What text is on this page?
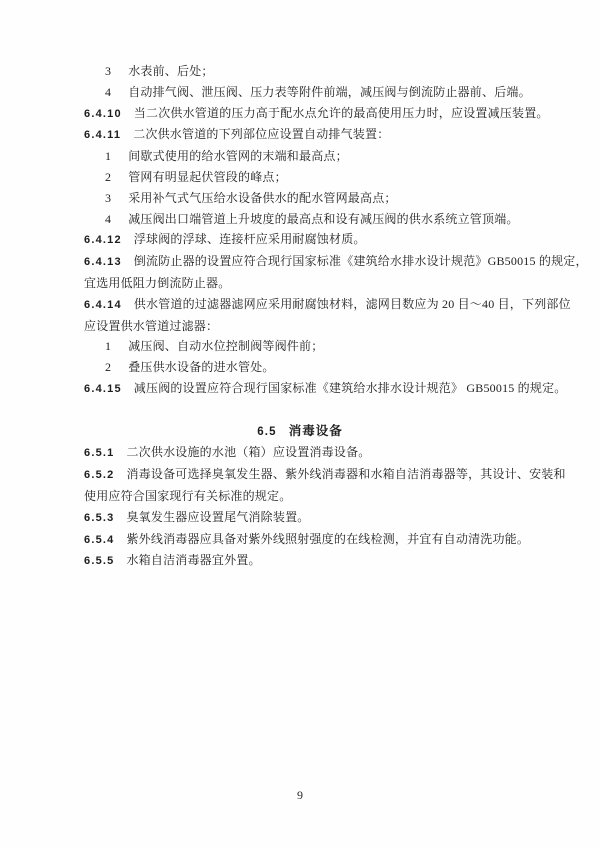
3 水表前、后处；

4 自动排气阀、泄压阀、压力表等附件前端，减压阀与倒流防止器前、后端。

6.4.10 当二次供水管道的压力高于配水点允许的最高使用压力时，应设置减压装置。

6.4.11 二次供水管道的下列部位应设置自动排气装置：

1 间歇式使用的给水管网的末端和最高点；

2 管网有明显起伏管段的峰点；

3 采用补气式气压给水设备供水的配水管网最高点；

4 减压阀出口端管道上升坡度的最高点和设有减压阀的供水系统立管顶端。

6.4.12 浮球阀的浮球、连接杆应采用耐腐蚀材质。

6.4.13 倒流防止器的设置应符合现行国家标准《建筑给水排水设计规范》GB50015 的规定，

宜选用低阻力倒流防止器。

6.4.14 供水管道的过滤器滤网应采用耐腐蚀材料，滤网目数应为 20 目～40 目，下列部位

应设置供水管道过滤器：

1 减压阀、自动水位控制阀等阀件前；

2 叠压供水设备的进水管处。

6.4.15 减压阀的设置应符合现行国家标准《建筑给水排水设计规范》 GB50015 的规定。

6.5 消毒设备

6.5.1 二次供水设施的水池（箱）应设置消毒设备。

6.5.2 消毒设备可选择臭氧发生器、紫外线消毒器和水箱自洁消毒器等，其设计、安装和

使用应符合国家现行有关标准的规定。

6.5.3 臭氧发生器应设置尾气消除装置。

6.5.4 紫外线消毒器应具备对紫外线照射强度的在线检测，并宜有自动清洗功能。

6.5.5 水箱自洁消毒器宜外置。

9
